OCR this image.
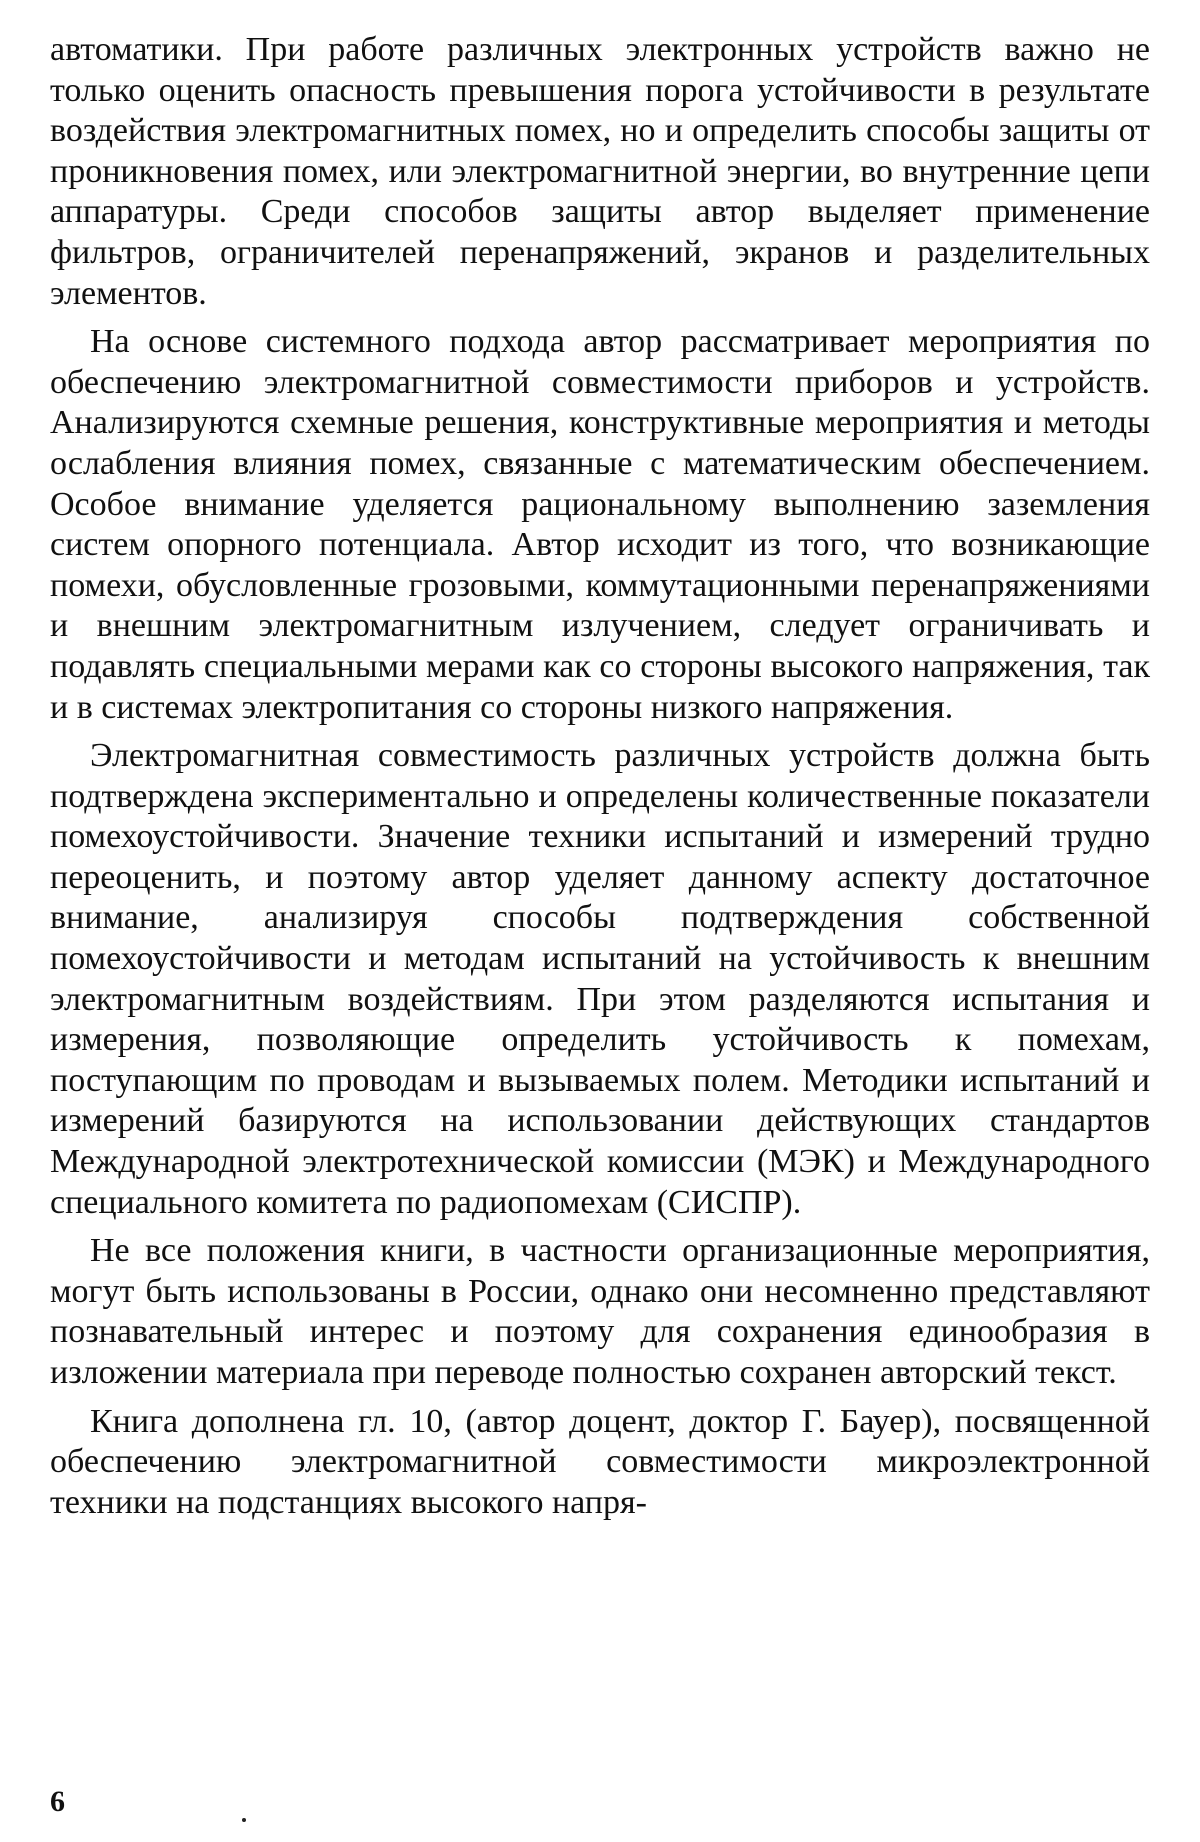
автоматики. При работе различных электронных устройств важно не только оценить опасность превышения порога устойчивости в результате воздействия электромагнитных помех, но и определить способы защиты от проникновения помех, или электромагнитной энергии, во внутренние цепи аппаратуры. Среди способов защиты автор выделяет применение фильтров, ограничителей перенапряжений, экранов и разделительных элементов.

На основе системного подхода автор рассматривает мероприятия по обеспечению электромагнитной совместимости приборов и устройств. Анализируются схемные решения, конструктивные мероприятия и методы ослабления влияния помех, связанные с математическим обеспечением. Особое внимание уделяется рациональному выполнению заземления систем опорного потенциала. Автор исходит из того, что возникающие помехи, обусловленные грозовыми, коммутационными перенапряжениями и внешним электромагнитным излучением, следует ограничивать и подавлять специальными мерами как со стороны высокого напряжения, так и в системах электропитания со стороны низкого напряжения.

Электромагнитная совместимость различных устройств должна быть подтверждена экспериментально и определены количественные показатели помехоустойчивости. Значение техники испытаний и измерений трудно переоценить, и поэтому автор уделяет данному аспекту достаточное внимание, анализируя способы подтверждения собственной помехоустойчивости и методам испытаний на устойчивость к внешним электромагнитным воздействиям. При этом разделяются испытания и измерения, позволяющие определить устойчивость к помехам, поступающим по проводам и вызываемых полем. Методики испытаний и измерений базируются на использовании действующих стандартов Международной электротехнической комиссии (МЭК) и Международного специального комитета по радиопомехам (СИСПР).

Не все положения книги, в частности организационные мероприятия, могут быть использованы в России, однако они несомненно представляют познавательный интерес и поэтому для сохранения единообразия в изложении материала при переводе полностью сохранен авторский текст.

Книга дополнена гл. 10, (автор доцент, доктор Г. Бауер), посвященной обеспечению электромагнитной совместимости микроэлектронной техники на подстанциях высокого напря-

6
